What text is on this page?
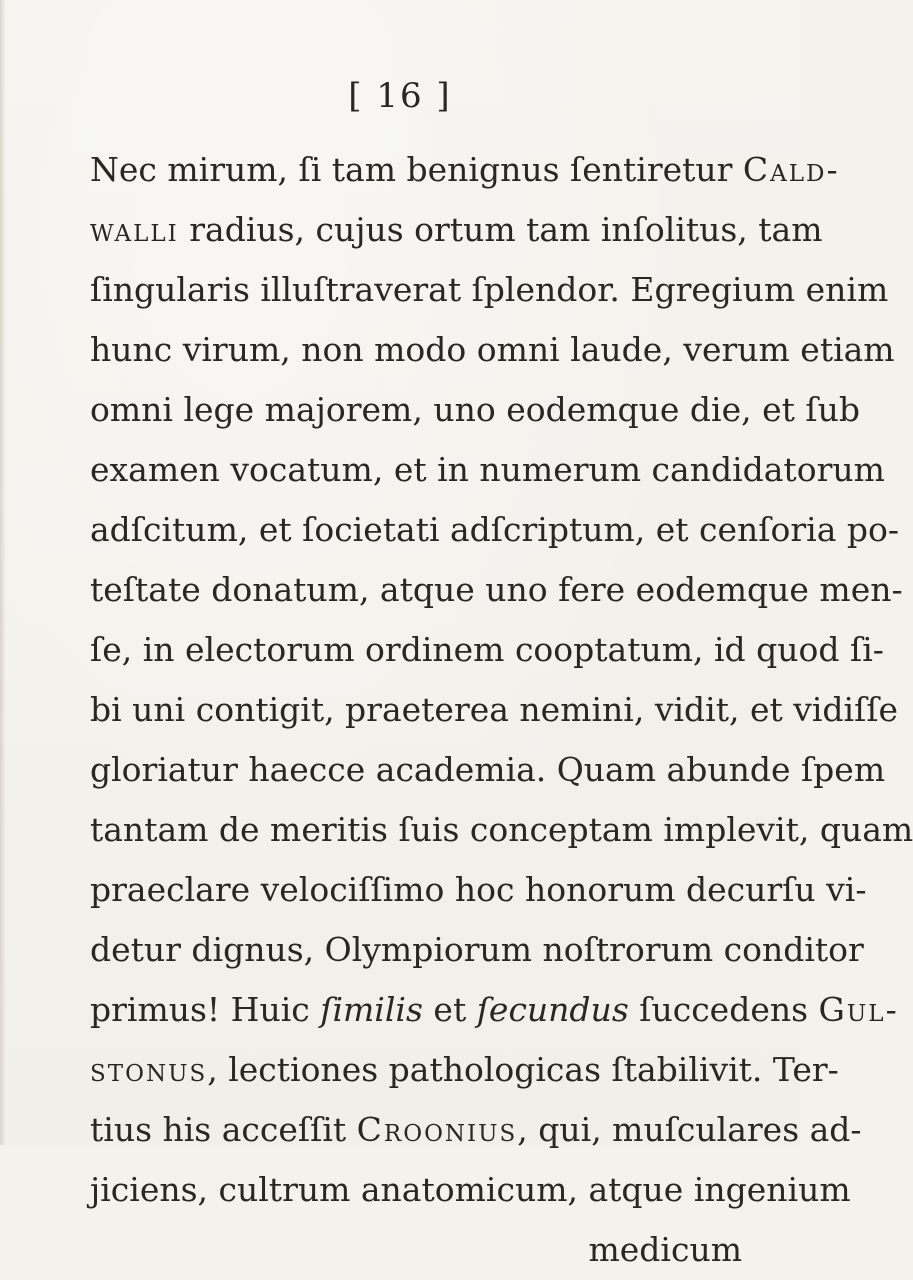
[ 16 ]
Nec mirum, ſi tam benignus ſentiretur Cald-
walli radius, cujus ortum tam inſolitus, tam
ſingularis illuſtraverat ſplendor. Egregium enim
hunc virum, non modo omni laude, verum etiam
omni lege majorem, uno eodemque die, et ſub
examen vocatum, et in numerum candidatorum
adſcitum, et ſocietati adſcriptum, et cenſoria po-
teſtate donatum, atque uno fere eodemque men-
ſe, in electorum ordinem cooptatum, id quod ſi-
bi uni contigit, praeterea nemini, vidit, et vidiſſe
gloriatur haecce academia. Quam abunde ſpem
tantam de meritis ſuis conceptam implevit, quam
praeclare velociſſimo hoc honorum decurſu vi-
detur dignus, Olympiorum noſtrorum conditor
primus! Huic ſimilis et ſecundus ſuccedens Gul-
stonus, lectiones pathologicas ſtabilivit. Ter-
tius his acceſſit Croonius, qui, muſculares ad-
jiciens, cultrum anatomicum, atque ingenium
medicum
